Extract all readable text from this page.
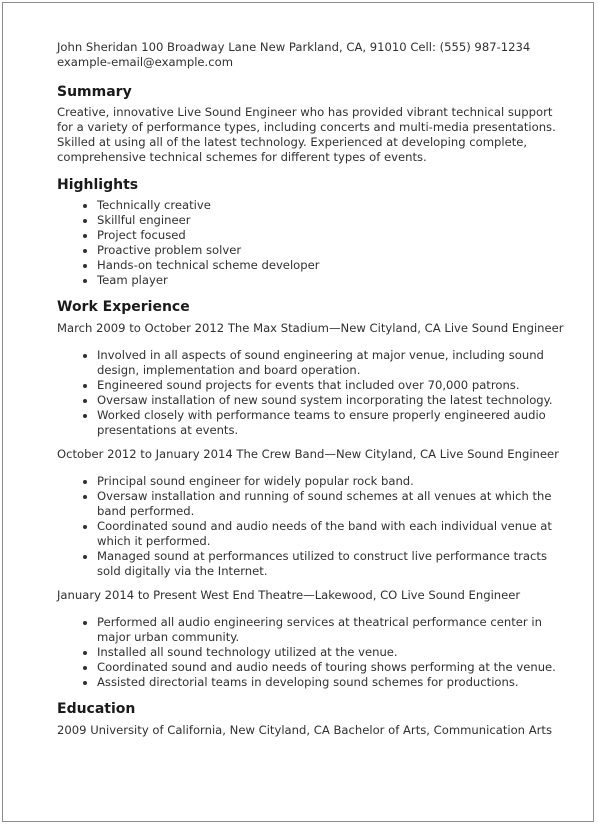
John Sheridan 100 Broadway Lane New Parkland, CA, 91010 Cell: (555) 987-1234 example-email@example.com

Summary

Creative, innovative Live Sound Engineer who has provided vibrant technical support for a variety of performance types, including concerts and multi-media presentations. Skilled at using all of the latest technology. Experienced at developing complete, comprehensive technical schemes for different types of events.

Highlights
• Technically creative
• Skillful engineer
• Project focused
• Proactive problem solver
• Hands-on technical scheme developer
• Team player
Work Experience

March 2009 to October 2012 The Max Stadium—New Cityland, CA Live Sound Engineer

• Involved in all aspects of sound engineering at major venue, including sound design, implementation and board operation.
• Engineered sound projects for events that included over 70,000 patrons.
• Oversaw installation of new sound system incorporating the latest technology.
• Worked closely with performance teams to ensure properly engineered audio presentations at events.

October 2012 to January 2014 The Crew Band—New Cityland, CA Live Sound Engineer

• Principal sound engineer for widely popular rock band.
• Oversaw installation and running of sound schemes at all venues at which the band performed.
• Coordinated sound and audio needs of the band with each individual venue at which it performed.
• Managed sound at performances utilized to construct live performance tracts sold digitally via the Internet.

January 2014 to Present West End Theatre—Lakewood, CO Live Sound Engineer

• Performed all audio engineering services at theatrical performance center in major urban community.
• Installed all sound technology utilized at the venue.
• Coordinated sound and audio needs of touring shows performing at the venue.
• Assisted directorial teams in developing sound schemes for productions.
Education

2009 University of California, New Cityland, CA Bachelor of Arts, Communication Arts
